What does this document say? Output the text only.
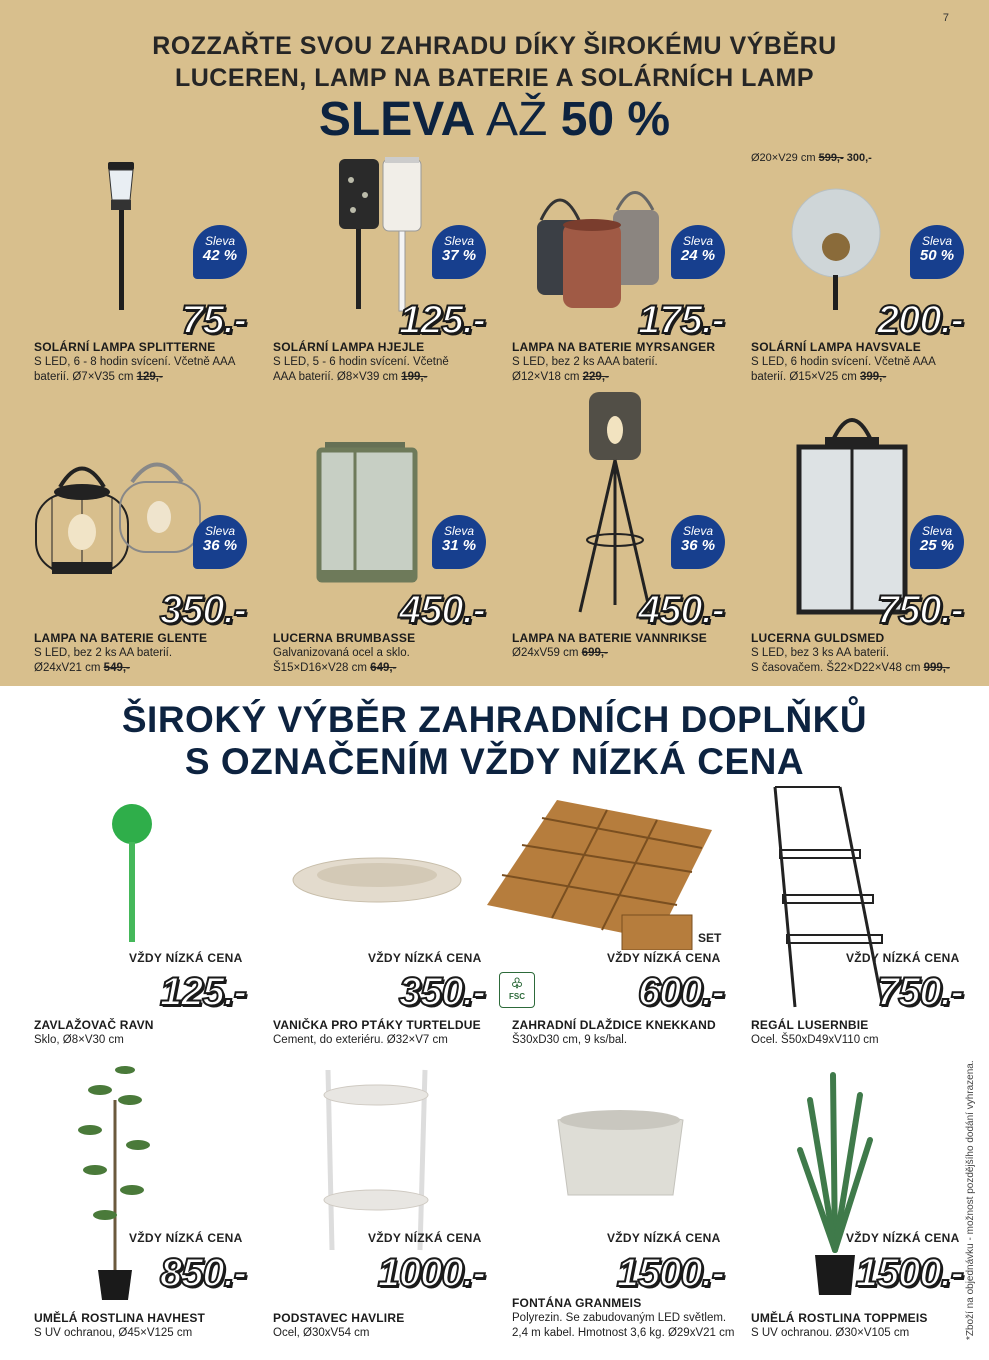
7
ROZZAŘTE SVOU ZAHRADU DÍKY ŠIROKÉMU VÝBĚRU
LUCEREN, LAMP NA BATERIE A SOLÁRNÍCH LAMP
SLEVA AŽ 50 %
Ø20×V29 cm 599,- 300,-
Sleva
42 %
75.-
SOLÁRNÍ LAMPA SPLITTERNE
S LED, 6 - 8 hodin svícení. Včetně AAA
baterií. Ø7×V35 cm 129,-
Sleva
37 %
125.-
SOLÁRNÍ LAMPA HJEJLE
S LED, 5 - 6 hodin svícení. Včetně
AAA baterií. Ø8×V39 cm 199,-
Sleva
24 %
175.-
LAMPA NA BATERIE MYRSANGER
S LED, bez 2 ks AAA baterií.
Ø12×V18 cm 229,-
Sleva
50 %
200.-
SOLÁRNÍ LAMPA HAVSVALE
S LED, 6 hodin svícení. Včetně AAA
baterií. Ø15×V25 cm 399,-
Sleva
36 %
350.-
LAMPA NA BATERIE GLENTE
S LED, bez 2 ks AA baterií.
Ø24xV21 cm 549,-
Sleva
31 %
450.-
LUCERNA BRUMBASSE
Galvanizovaná ocel a sklo.
Š15×D16×V28 cm 649,-
Sleva
36 %
450.-
LAMPA NA BATERIE VANNRIKSE
Ø24xV59 cm 699,-
Sleva
25 %
750.-
LUCERNA GULDSMED
S LED, bez 3 ks AA baterií.
S časovačem. Š22×D22×V48 cm 999,-
ŠIROKÝ VÝBĚR ZAHRADNÍCH DOPLŇKŮ
S OZNAČENÍM VŽDY NÍZKÁ CENA
♧
FSC
SET
VŽDY NÍZKÁ CENA
125.-
ZAVLAŽOVAČ RAVN
Sklo, Ø8×V30 cm
VŽDY NÍZKÁ CENA
350.-
VANIČKA PRO PTÁKY TURTELDUE
Cement, do exteriéru. Ø32×V7 cm
VŽDY NÍZKÁ CENA
600.-
ZAHRADNÍ DLAŽDICE KNEKKAND
Š30xD30 cm, 9 ks/bal.
VŽDY NÍZKÁ CENA
750.-
REGÁL LUSERNBIE
Ocel. Š50xD49xV110 cm
VŽDY NÍZKÁ CENA
850.-
UMĚLÁ ROSTLINA HAVHEST
S UV ochranou, Ø45×V125 cm
VŽDY NÍZKÁ CENA
1000.-
PODSTAVEC HAVLIRE
Ocel, Ø30xV54 cm
VŽDY NÍZKÁ CENA
1500.-
FONTÁNA GRANMEIS
Polyrezin. Se zabudovaným LED světlem.
2,4 m kabel. Hmotnost 3,6 kg. Ø29xV21 cm
VŽDY NÍZKÁ CENA
1500.-
UMĚLÁ ROSTLINA TOPPMEIS
S UV ochranou. Ø30×V105 cm	*Zboží na objednávku - možnost pozdějšího dodání vyhrazena.
